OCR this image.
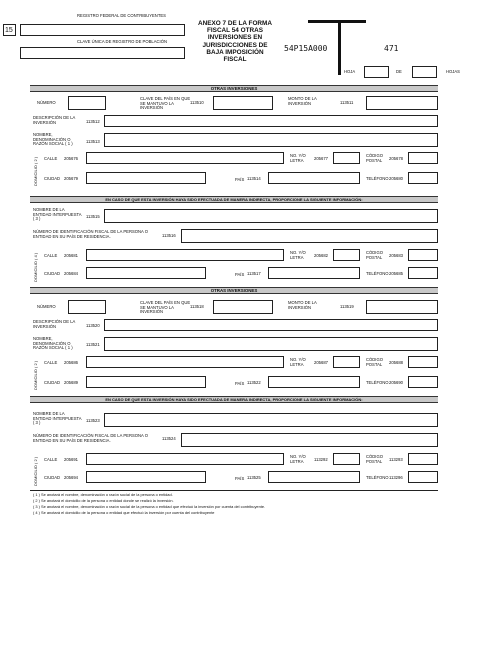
REGISTRO FEDERAL DE CONTRIBUYENTES
15
CLAVE ÚNICA DE REGISTRO DE POBLACIÓN
ANEXO 7 DE LA FORMA FISCAL 54 OTRAS INVERSIONES EN JURISDICCIONES DE BAJA IMPOSICIÓN FISCAL
54P15A000	471
HOJA	DE	HOJAS
OTRAS INVERSIONES
NÚMERO
CLAVE DEL PAÍS EN QUE SE MANTUVO LA INVERSIÓN
113510
MONTO DE LA INVERSIÓN	113511
DESCRIPCIÓN DE LA INVERSIÓN	113512
NOMBRE, DENOMINACIÓN O RAZÓN SOCIAL ( 1 )	113513
DOMICILIO ( 2 ) CALLE 205676
NO. Y/O LETRA	205677
CÓDIGO POSTAL	205678
CIUDAD 205679	PAÍS 113514	TELÉFONO 205680
EN CASO DE QUE ESTA INVERSIÓN HAYA SIDO EFECTUADA DE MANERA INDIRECTA, PROPORCIONE LA SIGUIENTE INFORMACIÓN:
NOMBRE DE LA ENTIDAD INTERPUESTA ( 3 )	113515
NÚMERO DE IDENTIFICACIÓN FISCAL DE LA PERSONA O ENTIDAD EN SU PAÍS DE RESIDENCIA.	113516
DOMICILIO ( 4 ) CALLE 205681
NO. Y/O LETRA	205682
CÓDIGO POSTAL	205683
CIUDAD 205684	PAÍS 113517	TELÉFONO 205685
OTRAS INVERSIONES
NÚMERO
CLAVE DEL PAÍS EN QUE SE MANTUVO LA INVERSIÓN
113518
MONTO DE LA INVERSIÓN	113519
DESCRIPCIÓN DE LA INVERSIÓN	113520
NOMBRE, DENOMINACIÓN O RAZÓN SOCIAL ( 1 )
113521
DOMICILIO ( 2 ) CALLE 205686
NO. Y/O LETRA	205687
CÓDIGO POSTAL	205688
CIUDAD 205689	PAÍS 113522	TELÉFONO 205690
EN CASO DE QUE ESTA INVERSIÓN HAYA SIDO EFECTUADA DE MANERA INDIRECTA, PROPORCIONE LA SIGUIENTE INFORMACIÓN:
NOMBRE DE LA ENTIDAD INTERPUESTA ( 3 )	113523
NÚMERO DE IDENTIFICACIÓN FISCAL DE LA PERSONA O ENTIDAD EN SU PAÍS DE RESIDENCIA.	113524
DOMICILIO ( 2 ) CALLE 205691
NO. Y/O LETRA	113292
CÓDIGO POSTAL	113293
CIUDAD 205694	PAÍS 113525	TELÉFONO 113296
( 1 ) Se anotará el nombre, denominación o razón social de la persona o entidad.
( 2 ) Se anotará el domicilio de la persona o entidad donde se realizó la inversión.
( 3 ) Se anotará el nombre, denominación o razón social de la persona o entidad que efectuó la inversión por cuenta del contribuyente.
( 4 ) Se anotará el domicilio de la persona o entidad que efectuó la inversión por cuenta del contribuyente
